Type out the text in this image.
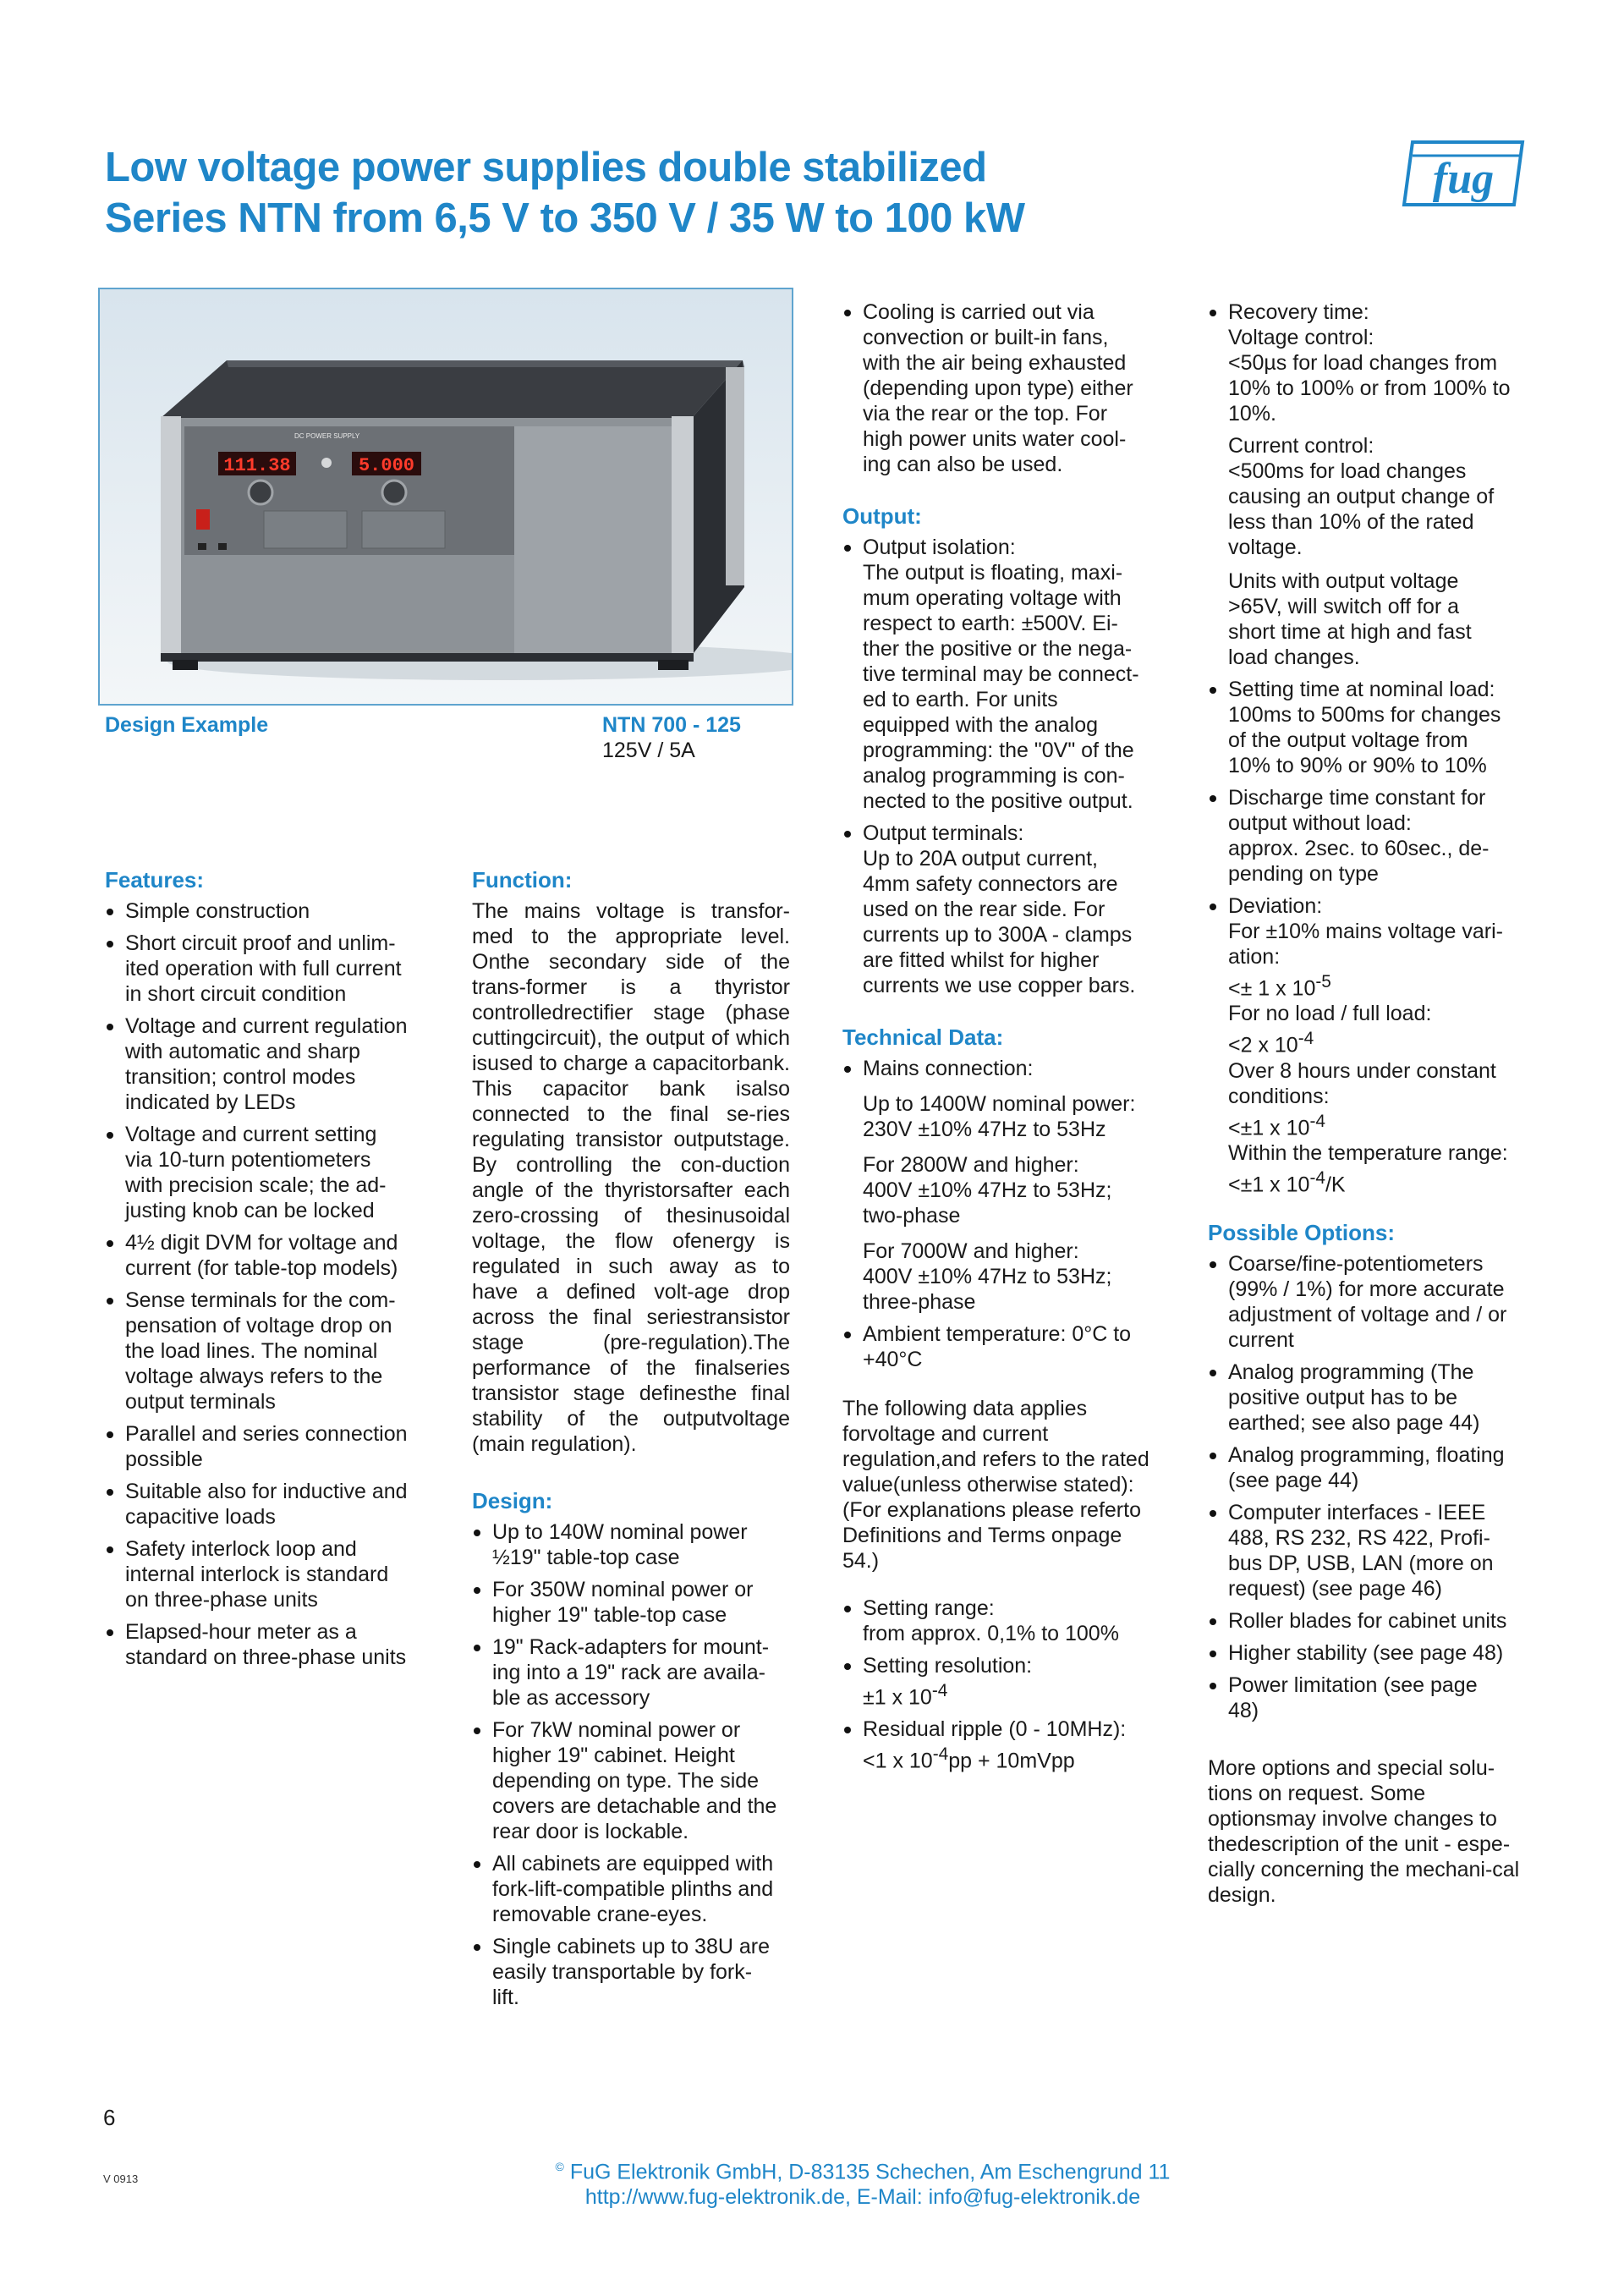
Low voltage power supplies double stabilized
Series NTN from 6,5 V to 350 V / 35 W to 100 kW
fug
DC POWER SUPPLY
111.38	5.000
Design Example	NTN 700 - 125
125V / 5A
Features:
Simple construction
Short circuit proof and unlim-
ited operation with full current
in short circuit condition
Voltage and current regulation
with automatic and sharp
transition; control modes
indicated by LEDs
Voltage and current setting
via 10-turn potentiometers
with precision scale; the ad-
justing knob can be locked
4½ digit DVM for voltage and
current (for table-top models)
Sense terminals for the com-
pensation of voltage drop on
the load lines. The nominal
voltage always refers to the
output terminals
Parallel and series connection
possible
Suitable also for inductive and
capacitive loads
Safety interlock loop and
internal interlock is standard
on three-phase units
Elapsed-hour meter as a
standard on three-phase units
Function:
The mains voltage is transfor-med to the appropriate level. Onthe secondary side of the trans-former is a thyristor controlledrectifier stage (phase cuttingcircuit), the output of which isused to charge a capacitorbank. This capacitor bank isalso connected to the final se-ries regulating transistor outputstage. By controlling the con-duction angle of the thyristorsafter each zero-crossing of thesinusoidal voltage, the flow ofenergy is regulated in such away as to have a defined volt-age drop across the final seriestransistor stage (pre-regulation).The performance of the finalseries transistor stage definesthe final stability of the outputvoltage (main regulation).
Design:
Up to 140W nominal power
½19" table-top case
For 350W nominal power or
higher 19" table-top case
19" Rack-adapters for mount-
ing into a 19" rack are availa-
ble as accessory
For 7kW nominal power or
higher 19" cabinet. Height
depending on type. The side
covers are detachable and the
rear door is lockable.
All cabinets are equipped with
fork-lift-compatible plinths and
removable crane-eyes.
Single cabinets up to 38U are
easily transportable by fork-
lift.
Cooling is carried out via
convection or built-in fans,
with the air being exhausted
(depending upon type) either
via the rear or the top. For
high power units water cool-
ing can also be used.
Output:
Output isolation:
The output is floating, maxi-
mum operating voltage with
respect to earth: ±500V. Ei-
ther the positive or the nega-
tive terminal may be connect-
ed to earth. For units
equipped with the analog
programming: the "0V" of the
analog programming is con-
nected to the positive output.
Output terminals:
Up to 20A output current,
4mm safety connectors are
used on the rear side. For
currents up to 300A - clamps
are fitted whilst for higher
currents we use copper bars.
Technical Data:
Mains connection:
Up to 1400W nominal power:
230V ±10% 47Hz to 53Hz
For 2800W and higher:
400V ±10% 47Hz to 53Hz;
two-phase
For 7000W and higher:
400V ±10% 47Hz to 53Hz;
three-phase
Ambient temperature: 0°C to
+40°C
The following data applies forvoltage and current regulation,and refers to the rated value(unless otherwise stated):(For explanations please referto Definitions and Terms onpage 54.)
Setting range:
from approx. 0,1% to 100%
Setting resolution:
±1 x $10^{-4}$
Residual ripple (0 - 10MHz):
<1 x $10^{-4}pp$ + 10mVpp
Recovery time:
Voltage control:
<50µs for load changes from
10% to 100% or from 100% to
10%.
Current control:
<500ms for load changes
causing an output change of
less than 10% of the rated
voltage.
Units with output voltage
>65V, will switch off for a
short time at high and fast
load changes.
Setting time at nominal load:
100ms to 500ms for changes
of the output voltage from
10% to 90% or 90% to 10%
Discharge time constant for
output without load:
approx. 2sec. to 60sec., de-
pending on type
Deviation:
For ±10% mains voltage vari-
ation:
<± 1 x $10^{-5}$
For no load / full load:
<2 x $10^{-4}$
Over 8 hours under constant
conditions:
<±1 x $10^{-4}$
Within the temperature range:
<±1 x $10^{-4}/K$
Possible Options:
Coarse/fine-potentiometers
(99% / 1%) for more accurate
adjustment of voltage and / or
current
Analog programming (The
positive output has to be
earthed; see also page 44)
Analog programming, floating
(see page 44)
Computer interfaces - IEEE
488, RS 232, RS 422, Profi-
bus DP, USB, LAN (more on
request) (see page 46)
Roller blades for cabinet units
Higher stability (see page 48)
Power limitation (see page
48)
More options and special solu-tions on request. Some optionsmay involve changes to thedescription of the unit - espe-cially concerning the mechani-cal design.
6
V 0913
© FuG Elektronik GmbH, D-83135 Schechen, Am Eschengrund 11
http://www.fug-elektronik.de, E-Mail: info@fug-elektronik.de
